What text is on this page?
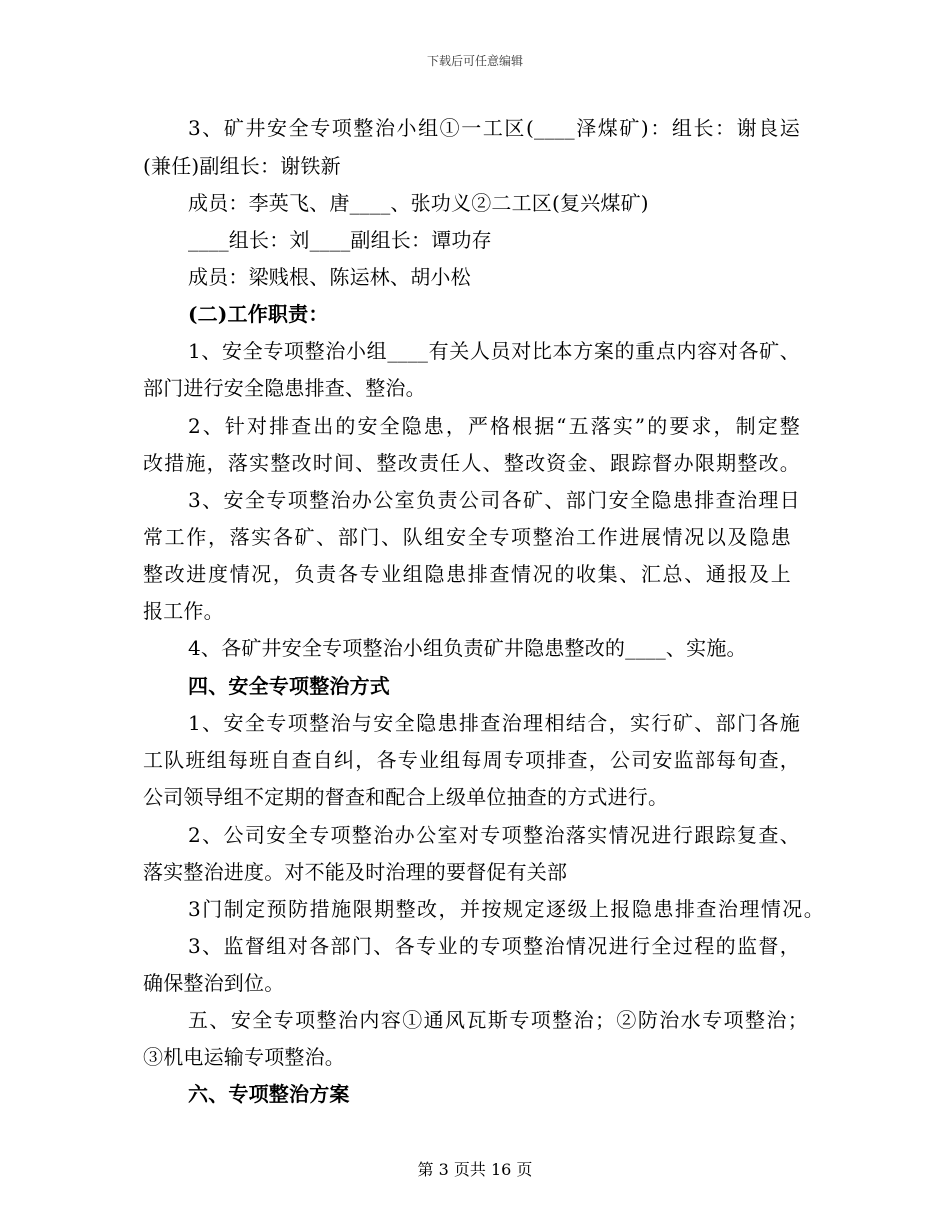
下载后可任意编辑
3、矿井安全专项整治小组①一工区(____泽煤矿)：组长：谢良运
(兼任)副组长：谢铁新
成员：李英飞、唐____、张功义②二工区(复兴煤矿)
____组长：刘____副组长：谭功存
成员：梁贱根、陈运林、胡小松
(二)工作职责：
1、安全专项整治小组____有关人员对比本方案的重点内容对各矿、
部门进行安全隐患排查、整治。
2、针对排查出的安全隐患，严格根据“五落实”的要求，制定整
改措施，落实整改时间、整改责任人、整改资金、跟踪督办限期整改。
3、安全专项整治办公室负责公司各矿、部门安全隐患排查治理日
常工作，落实各矿、部门、队组安全专项整治工作进展情况以及隐患
整改进度情况，负责各专业组隐患排查情况的收集、汇总、通报及上
报工作。
4、各矿井安全专项整治小组负责矿井隐患整改的____、实施。
四、安全专项整治方式
1、安全专项整治与安全隐患排查治理相结合，实行矿、部门各施
工队班组每班自查自纠，各专业组每周专项排查，公司安监部每旬查，
公司领导组不定期的督查和配合上级单位抽查的方式进行。
2、公司安全专项整治办公室对专项整治落实情况进行跟踪复查、
落实整治进度。对不能及时治理的要督促有关部
3门制定预防措施限期整改，并按规定逐级上报隐患排查治理情况。
3、监督组对各部门、各专业的专项整治情况进行全过程的监督，
确保整治到位。
五、安全专项整治内容①通风瓦斯专项整治；②防治水专项整治；
③机电运输专项整治。
六、专项整治方案
第 3 页共 16 页
